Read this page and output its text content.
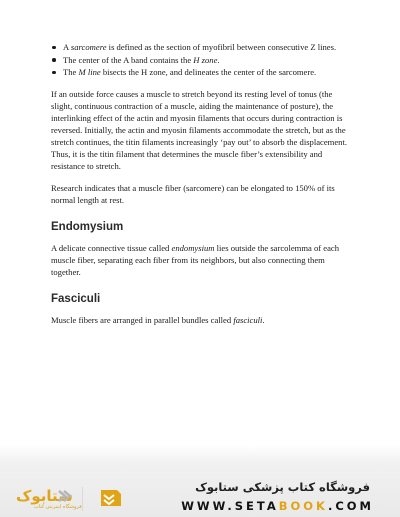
A sarcomere is defined as the section of myofibril between consecutive Z lines.
The center of the A band contains the H zone.
The M line bisects the H zone, and delineates the center of the sarcomere.

If an outside force causes a muscle to stretch beyond its resting level of tonus (the slight, continuous contraction of a muscle, aiding the maintenance of posture), the interlinking effect of the actin and myosin filaments that occurs during contraction is reversed. Initially, the actin and myosin filaments accommodate the stretch, but as the stretch continues, the titin filaments increasingly ‘pay out’ to absorb the displacement. Thus, it is the titin filament that determines the muscle fiber’s extensibility and resistance to stretch.

Research indicates that a muscle fiber (sarcomere) can be elongated to 150% of its normal length at rest.

Endomysium

A delicate connective tissue called endomysium lies outside the sarcolemma of each muscle fiber, separating each fiber from its neighbors, but also connecting them together.

Fasciculi

Muscle fibers are arranged in parallel bundles called fasciculi.

ستابوک
فروشگاه اینترنتی کتاب
فروشگاه کتاب پزشکی ستابوک
WWW.SETABOOK.COM
